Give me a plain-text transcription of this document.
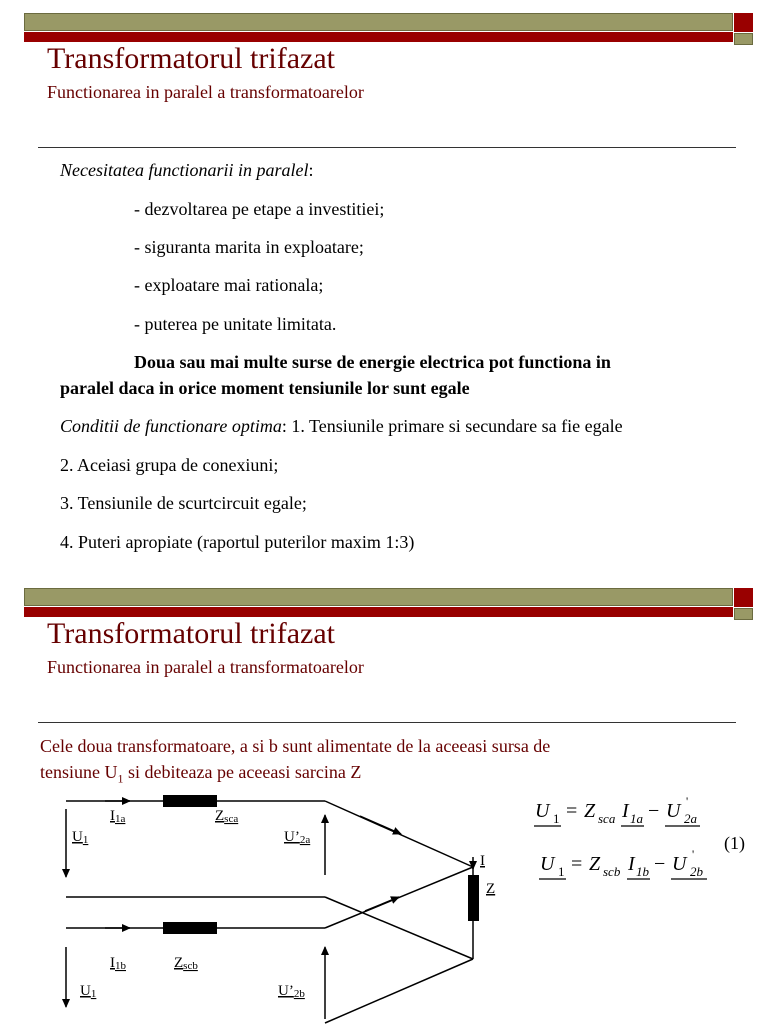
Transformatorul trifazat
Functionarea in paralel a transformatoarelor
Necesitatea functionarii in paralel:
- dezvoltarea pe etape a investitiei;
- siguranta marita in exploatare;
- exploatare mai rationala;
- puterea pe unitate limitata.
Doua sau mai multe surse de energie electrica pot functiona in
paralel daca in orice moment tensiunile lor sunt egale
Conditii de functionare optima: 1. Tensiunile primare si secundare sa fie egale
2. Aceiasi grupa de conexiuni;
3. Tensiunile de scurtcircuit egale;
4. Puteri apropiate (raportul puterilor maxim 1:3)
Transformatorul trifazat
Functionarea in paralel a transformatoarelor
Cele doua transformatoare, a si b sunt alimentate de la aceeasi sursa de
tensiune $U_1$ si debiteaza pe aceeasi sarcina Z
I1a	Zsca
U1	U’2a
I
Z
I1b	Zscb
U1	U’2b
U 1 = Z sca I 1a − U 2a
'
U 1 = Z scb I 1b − U 2b
'
(1)
